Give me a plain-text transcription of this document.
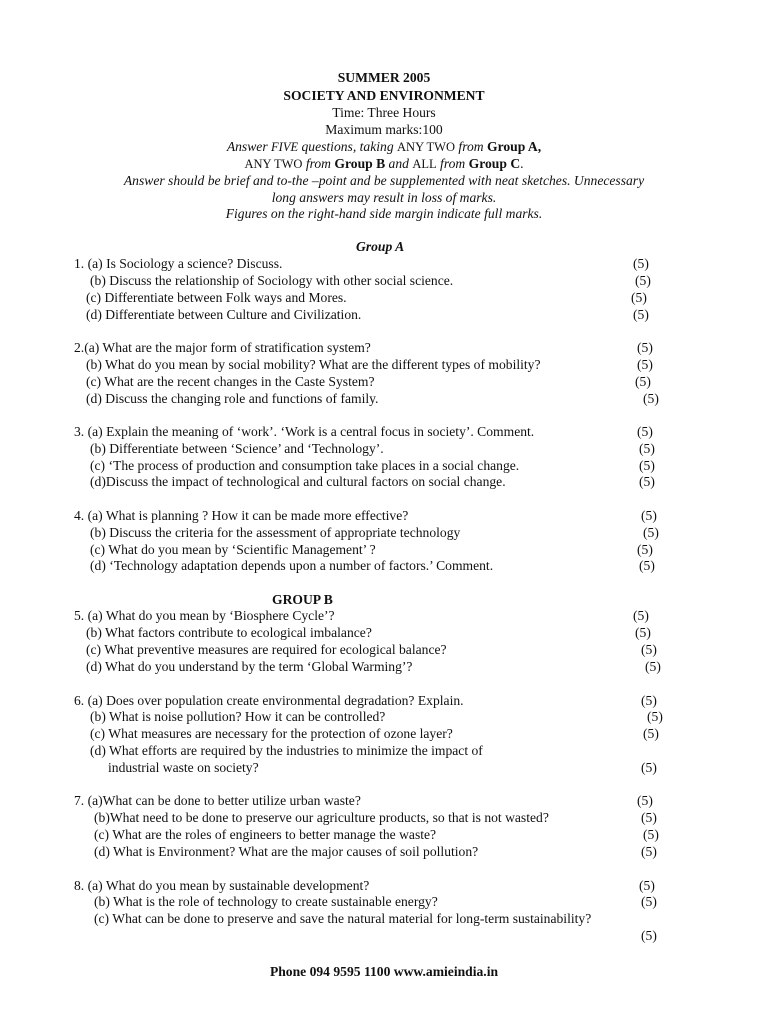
SUMMER 2005
SOCIETY AND ENVIRONMENT
Time: Three Hours
Maximum marks:100
Answer FIVE questions, taking ANY TWO from Group A,
ANY TWO from Group B and ALL from Group C.
Answer should be brief and to-the –point and be supplemented with neat sketches. Unnecessary
long answers may result in loss of marks.
Figures on the right-hand side margin indicate full marks.
Group A
1. (a) Is Sociology a science? Discuss.	(5)
(b) Discuss the relationship of Sociology with other social science.	(5)
(c) Differentiate between Folk ways and Mores.	(5)
(d) Differentiate between Culture and Civilization.	(5)
2.(a) What are the major form of stratification system?	(5)
(b) What do you mean by social mobility? What are the different types of mobility?	(5)
(c) What are the recent changes in the Caste System?	(5)
(d) Discuss the changing role and functions of family.	(5)
3. (a) Explain the meaning of ‘work’. ‘Work is a central focus in society’. Comment.	(5)
(b) Differentiate between ‘Science’ and ‘Technology’.	(5)
(c) ‘The process of production and consumption take places in a social change.	(5)
(d)Discuss the impact of technological and cultural factors on social change.	(5)
4. (a) What is planning ? How it can be made more effective?	(5)
(b) Discuss the criteria for the assessment of appropriate technology	(5)
(c) What do you mean by ‘Scientific Management’ ?	(5)
(d) ‘Technology adaptation depends upon a number of factors.’ Comment.	(5)
GROUP B
5. (a) What do you mean by ‘Biosphere Cycle’?	(5)
(b) What factors contribute to ecological imbalance?	(5)
(c) What preventive measures are required for ecological balance?	(5)
(d) What do you understand by the term ‘Global Warming’?	(5)
6. (a) Does over population create environmental degradation? Explain.	(5)
(b) What is noise pollution? How it can be controlled?	(5)
(c) What measures are necessary for the protection of ozone layer?	(5)
(d) What efforts are required by the industries to minimize the impact of
industrial waste on society?	(5)
7. (a)What can be done to better utilize urban waste?	(5)
(b)What need to be done to preserve our agriculture products, so that is not wasted?	(5)
(c) What are the roles of engineers to better manage the waste?	(5)
(d) What is Environment? What are the major causes of soil pollution?	(5)
8. (a) What do you mean by sustainable development?	(5)
(b) What is the role of technology to create sustainable energy?	(5)
(c) What can be done to preserve and save the natural material for long-term sustainability?
(5)
Phone 094 9595 1100 www.amieindia.in
